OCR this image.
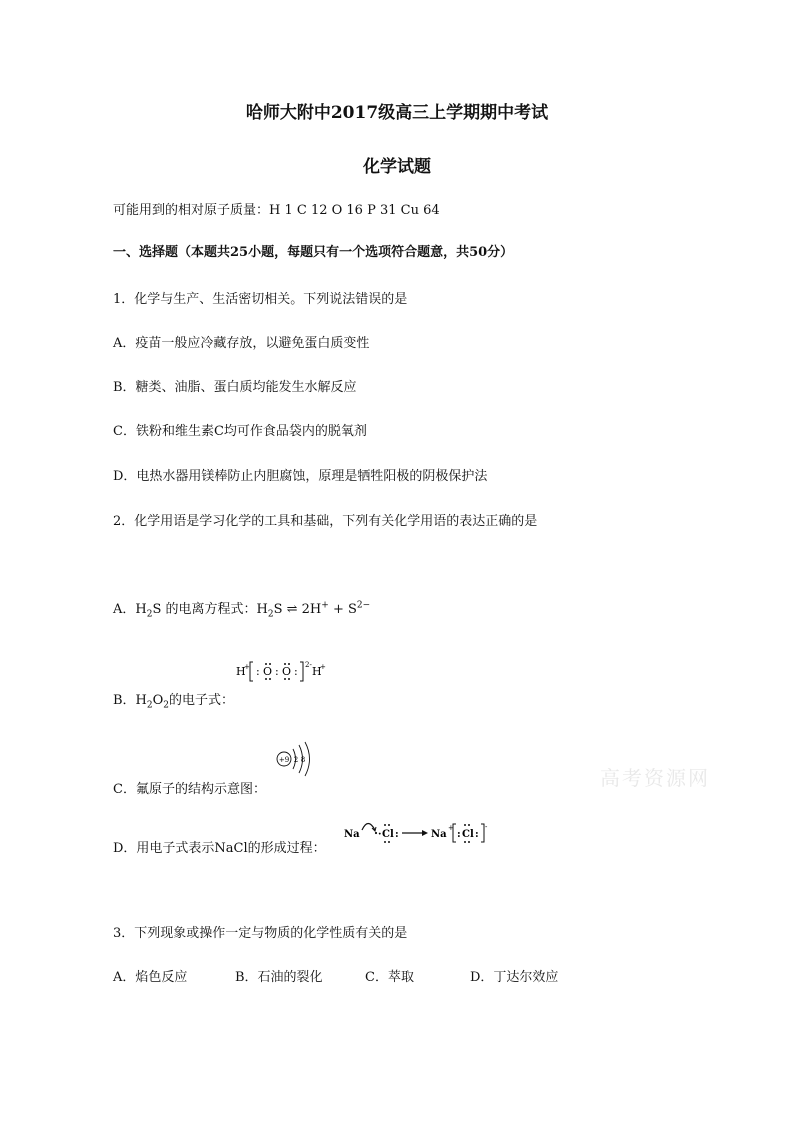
哈师大附中2017级高三上学期期中考试
化学试题
可能用到的相对原子质量：H 1 C 12 O 16 P 31 Cu 64
一、选择题（本题共25小题，每题只有一个选项符合题意，共50分）
1．化学与生产、生活密切相关。下列说法错误的是
A．疫苗一般应冷藏存放，以避免蛋白质变性
B．糖类、油脂、蛋白质均能发生水解反应
C．铁粉和维生素C均可作食品袋内的脱氧剂
D．电热水器用镁棒防止内胆腐蚀，原理是牺牲阳极的阴极保护法
2．化学用语是学习化学的工具和基础，下列有关化学用语的表达正确的是
A．$H_2S$ 的电离方程式：$H_2S$ ⇌ $2H^+ + S^{2-}$
H
+ : O : O : 2- H
+
B．$H_2O_2$的电子式：
+9 2 8
C．氟原子的结构示意图：
D．用电子式表示NaCl的形成过程：
Na · Cl :	Na
+
: Cl :
-
3．下列现象或操作一定与物质的化学性质有关的是
A．焰色反应	B．石油的裂化	C．萃取	D．丁达尔效应
高考资源网
